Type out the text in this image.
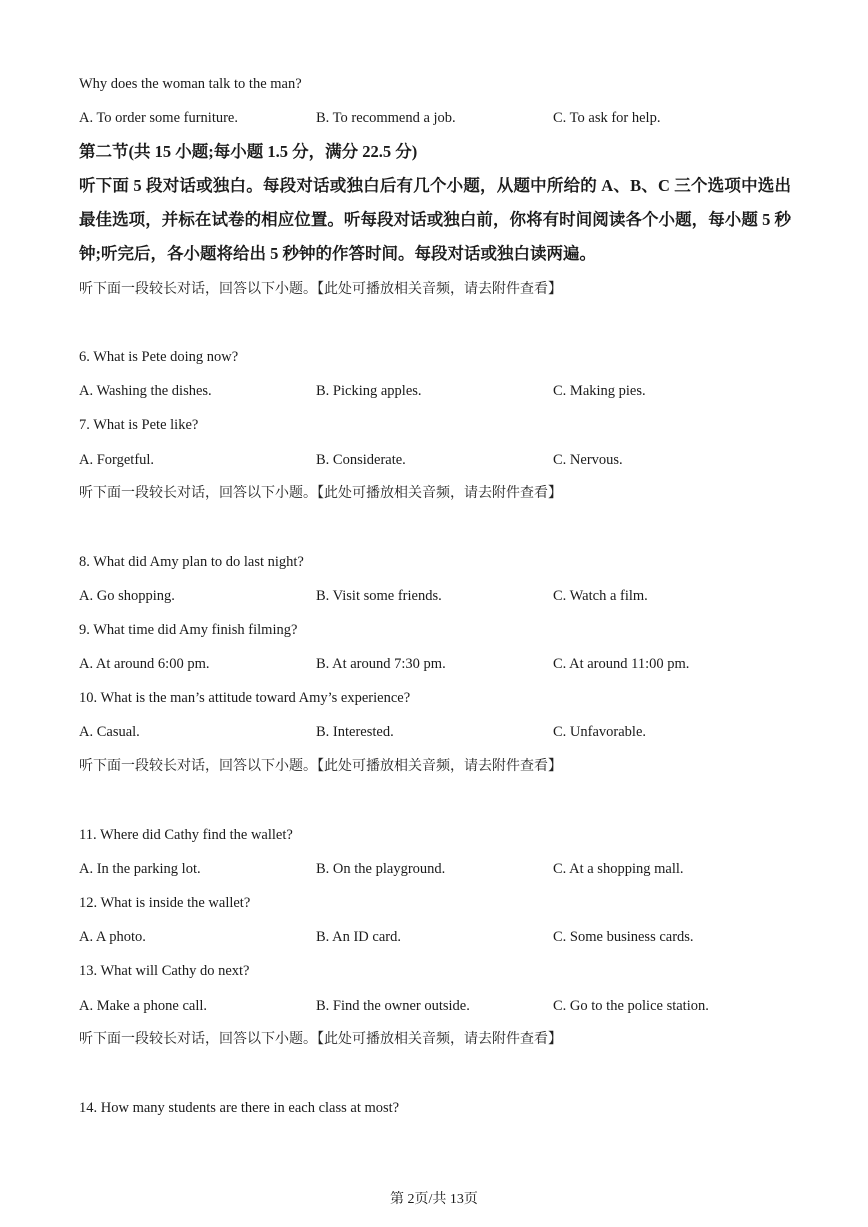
Why does the woman talk to the man?
A. To order some furniture.	B. To recommend a job.	C. To ask for help.
第二节(共 15 小题;每小题 1.5 分，满分 22.5 分)
听下面 5 段对话或独白。每段对话或独白后有几个小题，从题中所给的 A、B、C 三个选项中选出最佳选项，并标在试卷的相应位置。听每段对话或独白前，你将有时间阅读各个小题，每小题 5 秒钟;听完后，各小题将给出 5 秒钟的作答时间。每段对话或独白读两遍。
听下面一段较长对话，回答以下小题。【此处可播放相关音频，请去附件查看】
6. What is Pete doing now?
A. Washing the dishes.	B. Picking apples.	C. Making pies.
7. What is Pete like?
A. Forgetful.	B. Considerate.	C. Nervous.
听下面一段较长对话，回答以下小题。【此处可播放相关音频，请去附件查看】
8. What did Amy plan to do last night?
A. Go shopping.	B. Visit some friends.	C. Watch a film.
9. What time did Amy finish filming?
A. At around 6:00 pm.	B. At around 7:30 pm.	C. At around 11:00 pm.
10. What is the man’s attitude toward Amy’s experience?
A. Casual.	B. Interested.	C. Unfavorable.
听下面一段较长对话，回答以下小题。【此处可播放相关音频，请去附件查看】
11. Where did Cathy find the wallet?
A. In the parking lot.	B. On the playground.	C. At a shopping mall.
12. What is inside the wallet?
A. A photo.	B. An ID card.	C. Some business cards.
13. What will Cathy do next?
A. Make a phone call.	B. Find the owner outside.	C. Go to the police station.
听下面一段较长对话，回答以下小题。【此处可播放相关音频，请去附件查看】
14. How many students are there in each class at most?
第 2页/共 13页
